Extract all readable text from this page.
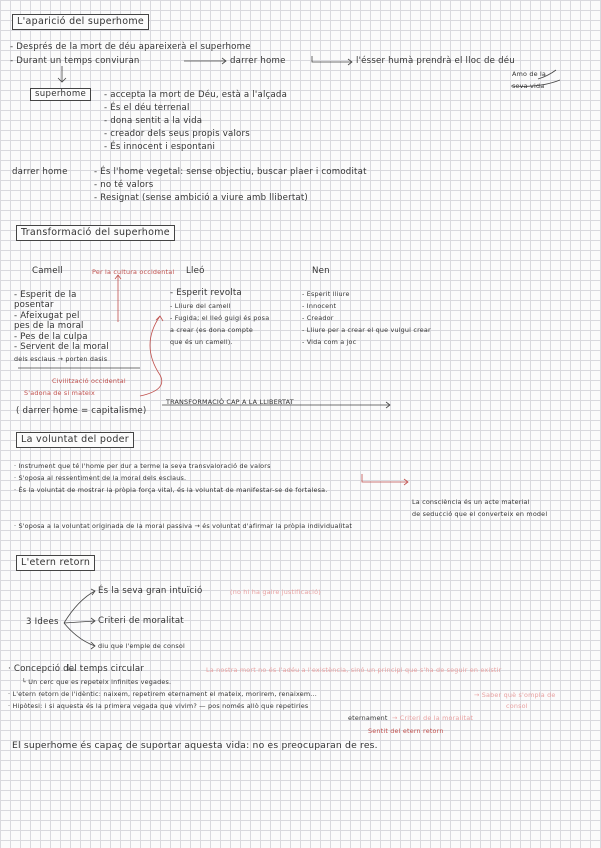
L'aparició del superhome
- Després de la mort de déu apareixerà el superhome
- Durant un temps conviuran	darrer home	l'ésser humà prendrà el lloc de déu
Amo de la
seva vida
superhome	- accepta la mort de Déu, està a l'alçada
- És el déu terrenal
- dona sentit a la vida
- creador dels seus propis valors
- És innocent i espontani
darrer home	- És l'home vegetal: sense objectiu, buscar plaer i comoditat
- no té valors
- Resignat (sense ambició a viure amb llibertat)
Transformació del superhome
Camell	Per la cultura occidental Lleó	Nen
- Esperit de la
posentar
- Afeixugat pel
pes de la moral
- Pes de la culpa
- Servent de la moral
dels esclaus → porten dasis
- Esperit revolta
- Lliure del camell
- Fugida; el lleó guigi és posa
a crear (es dona compte
que és un camell).
- Esperit lliure
- Innocent
- Creador
- Lliure per a crear el que vulgui crear
- Vida com a joc
Civilització occidental
S'adona de si mateix
( darrer home = capitalisme)
TRANSFORMACIÓ CAP A LA LLIBERTAT
La voluntat del poder
· Instrument que té l'home per dur a terme la seva transvaloració de valors
· S'oposa al ressentiment de la moral dels esclaus.
· És la voluntat de mostrar la pròpia força vital, és la voluntat de manifestar-se de fortalesa.
La consciència és un acte material
de seducció que el converteix en model
· S'oposa a la voluntat originada de la moral passiva → és voluntat d'afirmar la pròpia individualitat
L'etern retorn
3 Idees
És la seva gran intuïció	(no hi ha gaire justificació)
Criteri de moralitat
diu que l'emple de consol
· Concepció del temps circular	La nostra mort no és l'adéu a l'existència, sinó un principi que s'ha de seguir en existir
└ Un cerc que es repeteix infinites vegades.
· L'etern retorn de l'idèntic: naixem, repetirem eternament el mateix, morirem, renaixem...	→ Saber què s'ompla de
consol
· Hipòtesi: i si aquesta és la primera vegada que vivim? — pos només allò que repetiries
eternament → Criteri de la moralitat
Sentit del etern retorn
El superhome és capaç de suportar aquesta vida: no es preocuparan de res.
